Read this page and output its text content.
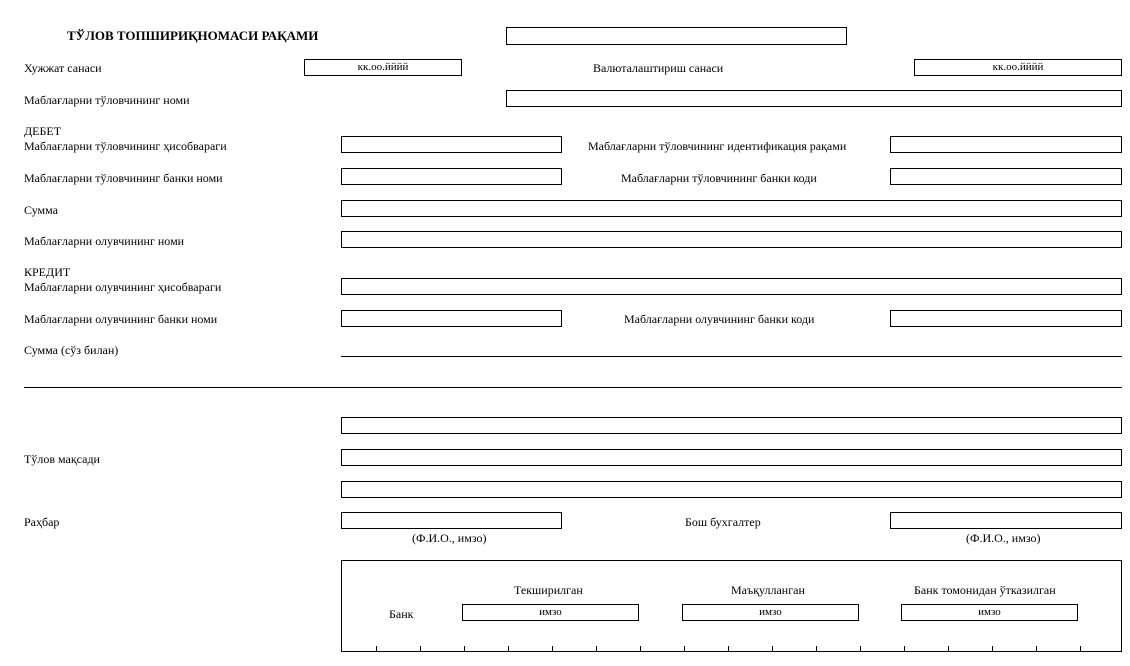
ТЎЛОВ ТОПШИРИҚНОМАСИ РАҚАМИ
Хужжат санаси	кк.оо.йййй	Валюталаштириш санаси	кк.оо.йййй
Маблағларни тўловчининг номи
ДЕБЕТ
Маблағларни тўловчининг ҳисобвараги	Маблағларни тўловчининг идентификация рақами
Маблағларни тўловчининг банки номи	Маблағларни тўловчининг банки коди
Сумма
Маблағларни олувчининг номи
КРЕДИТ
Маблағларни олувчининг ҳисобвараги
Маблағларни олувчининг банки номи	Маблағларни олувчининг банки коди
Сумма (сўз билан)
Тўлов мақсади
Раҳбар
(Ф.И.О., имзо)
Бош бухгалтер
(Ф.И.О., имзо)
Текширилган	Маъқулланган	Банк томонидан ўтказилган
Банк	имзо	имзо	имзо
